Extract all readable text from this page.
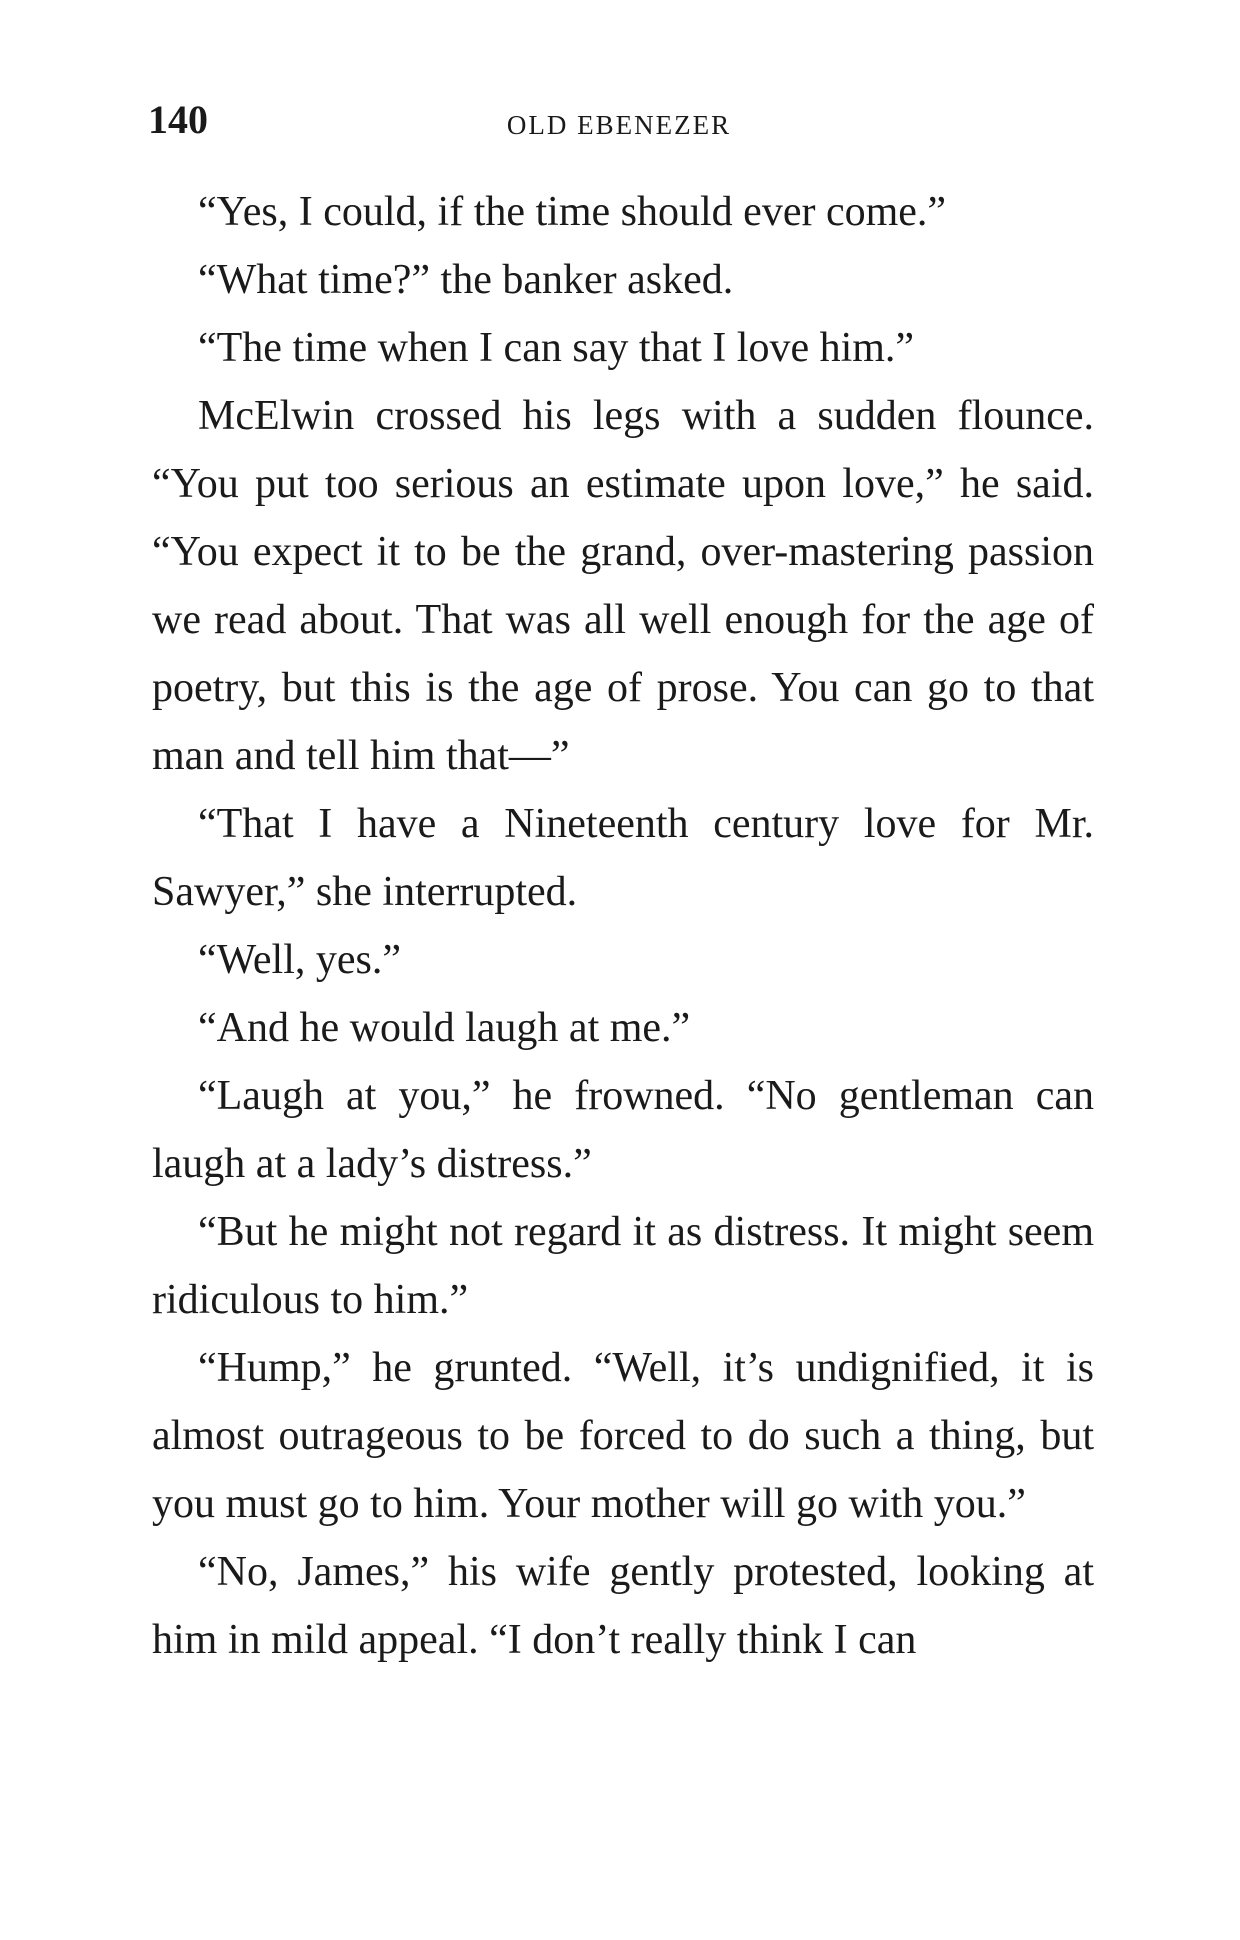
140	OLD EBENEZER

“Yes, I could, if the time should ever come.”

“What time?” the banker asked.

“The time when I can say that I love him.”

McElwin crossed his legs with a sudden flounce. “You put too serious an estimate upon love,” he said. “You expect it to be the grand, over-mastering passion we read about. That was all well enough for the age of poetry, but this is the age of prose. You can go to that man and tell him that—”

“That I have a Nineteenth century love for Mr. Sawyer,” she interrupted.

“Well, yes.”

“And he would laugh at me.”

“Laugh at you,” he frowned. “No gentleman can laugh at a lady’s distress.”

“But he might not regard it as distress. It might seem ridiculous to him.”

“Hump,” he grunted. “Well, it’s undignified, it is almost outrageous to be forced to do such a thing, but you must go to him. Your mother will go with you.”

“No, James,” his wife gently protested, looking at him in mild appeal. “I don’t really think I can
